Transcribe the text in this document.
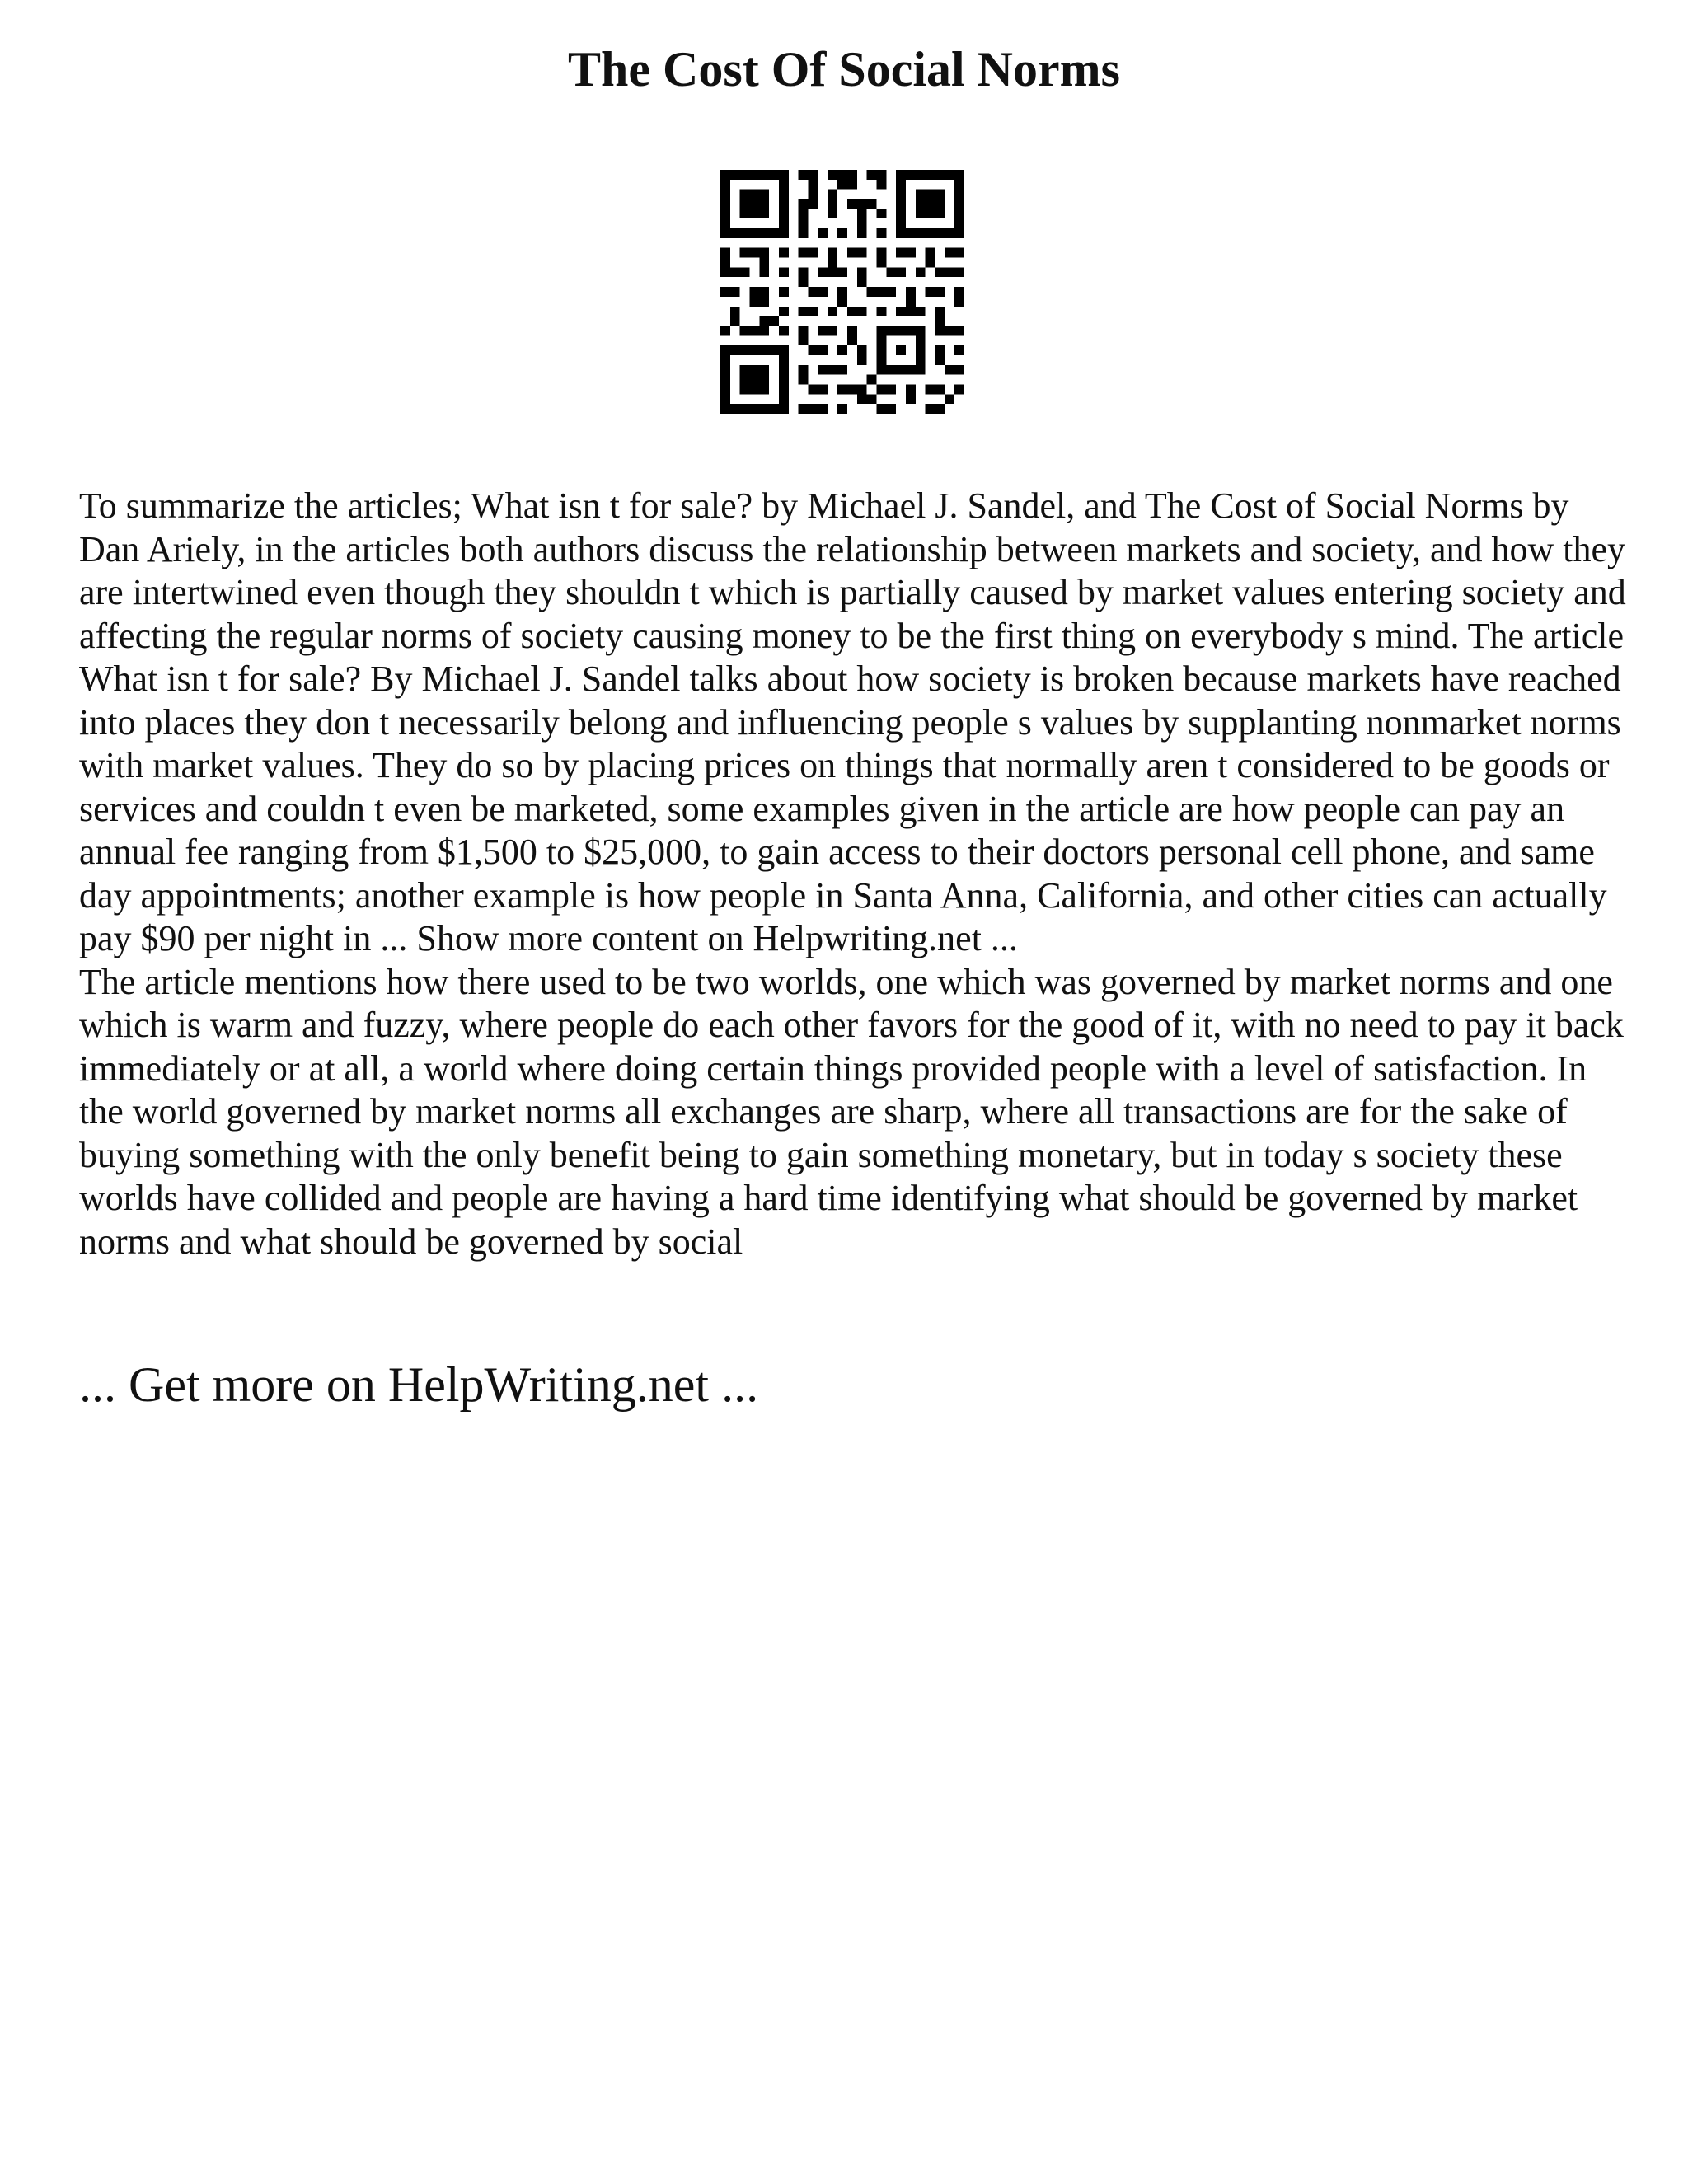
The Cost Of Social Norms

To summarize the articles; What isn t for sale? by Michael J. Sandel, and The Cost of Social Norms by Dan Ariely, in the articles both authors discuss the relationship between markets and society, and how they are intertwined even though they shouldn t which is partially caused by market values entering society and affecting the regular norms of society causing money to be the first thing on everybody s mind. The article What isn t for sale? By Michael J. Sandel talks about how society is broken because markets have reached into places they don t necessarily belong and influencing people s values by supplanting nonmarket norms with market values. They do so by placing prices on things that normally aren t considered to be goods or services and couldn t even be marketed, some examples given in the article are how people can pay an annual fee ranging from $1,500 to $25,000, to gain access to their doctors personal cell phone, and same day appointments; another example is how people in Santa Anna, California, and other cities can actually pay $90 per night in ... Show more content on Helpwriting.net ...

The article mentions how there used to be two worlds, one which was governed by market norms and one which is warm and fuzzy, where people do each other favors for the good of it, with no need to pay it back immediately or at all, a world where doing certain things provided people with a level of satisfaction. In the world governed by market norms all exchanges are sharp, where all transactions are for the sake of buying something with the only benefit being to gain something monetary, but in today s society these worlds have collided and people are having a hard time identifying what should be governed by market norms and what should be governed by social

... Get more on HelpWriting.net ...
